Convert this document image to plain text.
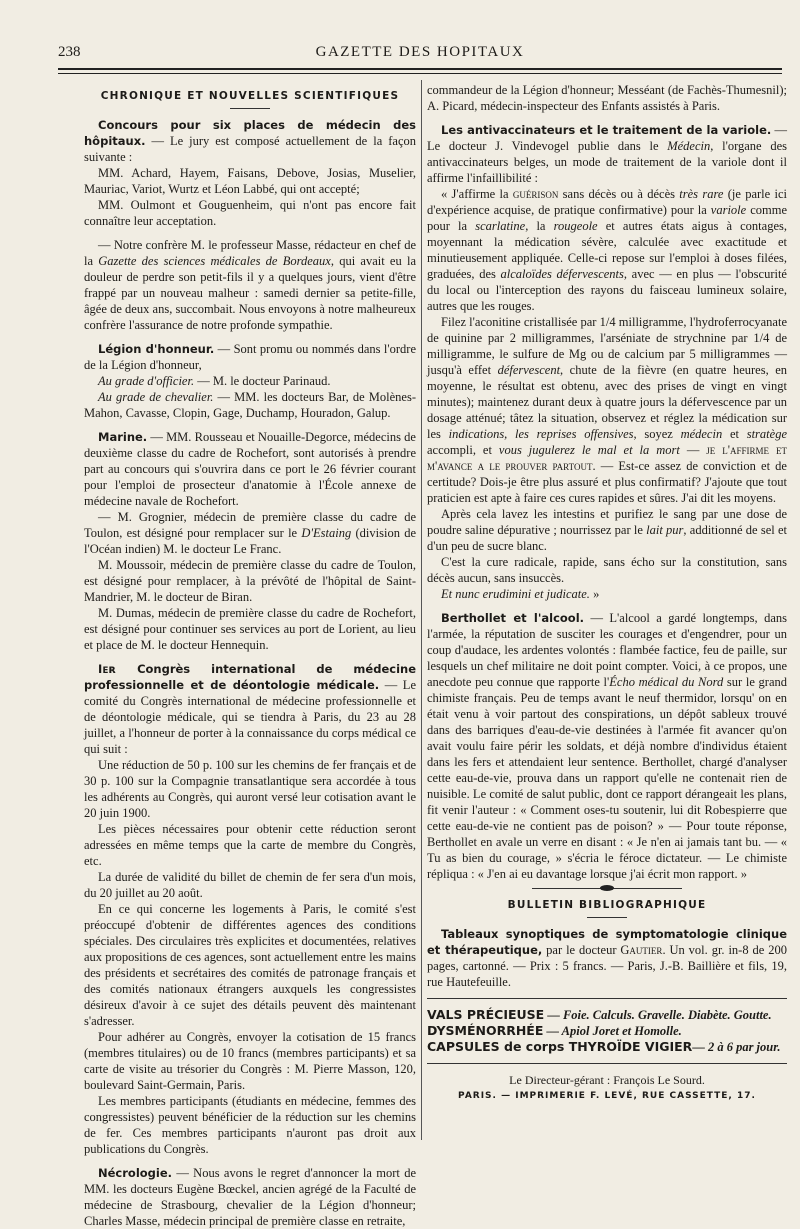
238	GAZETTE DES HOPITAUX
CHRONIQUE ET NOUVELLES SCIENTIFIQUES

Concours pour six places de médecin des hôpitaux. — Le jury est composé actuellement de la façon suivante :

MM. Achard, Hayem, Faisans, Debove, Josias, Muselier, Mauriac, Variot, Wurtz et Léon Labbé, qui ont accepté;

MM. Oulmont et Gouguenheim, qui n'ont pas encore fait connaître leur acceptation.

— Notre confrère M. le professeur Masse, rédacteur en chef de la Gazette des sciences médicales de Bordeaux, qui avait eu la douleur de perdre son petit-fils il y a quelques jours, vient d'être frappé par un nouveau malheur : samedi dernier sa petite-fille, âgée de deux ans, succombait. Nous envoyons à notre malheureux confrère l'assurance de notre profonde sympathie.

Légion d'honneur. — Sont promu ou nommés dans l'ordre de la Légion d'honneur,

Au grade d'officier. — M. le docteur Parinaud.

Au grade de chevalier. — MM. les docteurs Bar, de Molènes-Mahon, Cavasse, Clopin, Gage, Duchamp, Houradon, Galup.

Marine. — MM. Rousseau et Nouaille-Degorce, médecins de deuxième classe du cadre de Rochefort, sont autorisés à prendre part au concours qui s'ouvrira dans ce port le 26 février courant pour l'emploi de prosecteur d'anatomie à l'École annexe de médecine navale de Rochefort.

— M. Grognier, médecin de première classe du cadre de Toulon, est désigné pour remplacer sur le D'Estaing (division de l'Océan indien) M. le docteur Le Franc.

M. Moussoir, médecin de première classe du cadre de Toulon, est désigné pour remplacer, à la prévôté de l'hôpital de Saint-Mandrier, M. le docteur de Biran.

M. Dumas, médecin de première classe du cadre de Rochefort, est désigné pour continuer ses services au port de Lorient, au lieu et place de M. le docteur Hennequin.

Iᴇʀ Congrès international de médecine professionnelle et de déontologie médicale. — Le comité du Congrès international de médecine professionnelle et de déontologie médicale, qui se tiendra à Paris, du 23 au 28 juillet, a l'honneur de porter à la connaissance du corps médical ce qui suit :

Une réduction de 50 p. 100 sur les chemins de fer français et de 30 p. 100 sur la Compagnie transatlantique sera accordée à tous les adhérents au Congrès, qui auront versé leur cotisation avant le 20 juin 1900.

Les pièces nécessaires pour obtenir cette réduction seront adressées en même temps que la carte de membre du Congrès, etc.

La durée de validité du billet de chemin de fer sera d'un mois, du 20 juillet au 20 août.

En ce qui concerne les logements à Paris, le comité s'est préoccupé d'obtenir de différentes agences des conditions spéciales. Des circulaires très explicites et documentées, relatives aux propositions de ces agences, sont actuellement entre les mains des présidents et secrétaires des comités de patronage français et des comités nationaux étrangers auxquels les congressistes désireux d'avoir à ce sujet des détails peuvent dès maintenant s'adresser.

Pour adhérer au Congrès, envoyer la cotisation de 15 francs (membres titulaires) ou de 10 francs (membres participants) et sa carte de visite au trésorier du Congrès : M. Pierre Masson, 120, boulevard Saint-Germain, Paris.

Les membres participants (étudiants en médecine, femmes des congressistes) peuvent bénéficier de la réduction sur les chemins de fer. Ces membres participants n'auront pas droit aux publications du Congrès.

Nécrologie. — Nous avons le regret d'annoncer la mort de MM. les docteurs Eugène Bœckel, ancien agrégé de la Faculté de médecine de Strasbourg, chevalier de la Légion d'honneur; Charles Masse, médecin principal de première classe en retraite,

commandeur de la Légion d'honneur; Messéant (de Fachès-Thumesnil); A. Picard, médecin-inspecteur des Enfants assistés à Paris.

Les antivaccinateurs et le traitement de la variole. — Le docteur J. Vindevogel publie dans le Médecin, l'organe des antivaccinateurs belges, un mode de traitement de la variole dont il affirme l'infaillibilité :

« J'affirme la guérison sans décès ou à décès très rare (je parle ici d'expérience acquise, de pratique confirmative) pour la variole comme pour la scarlatine, la rougeole et autres états aigus à contages, moyennant la médication sévère, calculée avec exactitude et minutieusement appliquée. Celle-ci repose sur l'emploi à doses filées, graduées, des alcaloïdes défervescents, avec — en plus — l'obscurité du local ou l'interception des rayons du faisceau lumineux solaire, autres que les rouges.

Filez l'aconitine cristallisée par 1/4 milligramme, l'hydroferrocyanate de quinine par 2 milligrammes, l'arséniate de strychnine par 1/4 de milligramme, le sulfure de Mg ou de calcium par 5 milligrammes — jusqu'à effet défervescent, chute de la fièvre (en quatre heures, en moyenne, le résultat est obtenu, avec des prises de vingt en vingt minutes); maintenez durant deux à quatre jours la défervescence par un dosage atténué; tâtez la situation, observez et réglez la médication sur les indications, les reprises offensives, soyez médecin et stratège accompli, et vous jugulerez le mal et la mort — je l'affirme et m'avance a le prouver partout. — Est-ce assez de conviction et de certitude? Dois-je être plus assuré et plus confirmatif? J'ajoute que tout praticien est apte à faire ces cures rapides et sûres. J'ai dit les moyens.

Après cela lavez les intestins et purifiez le sang par une dose de poudre saline dépurative ; nourrissez par le lait pur, additionné de sel et d'un peu de sucre blanc.

C'est la cure radicale, rapide, sans écho sur la constitution, sans décès aucun, sans insuccès.

Et nunc erudimini et judicate. »

Berthollet et l'alcool. — L'alcool a gardé longtemps, dans l'armée, la réputation de susciter les courages et d'engendrer, pour un coup d'audace, les ardentes volontés : flambée factice, feu de paille, sur lesquels un chef militaire ne doit point compter. Voici, à ce propos, une anecdote peu connue que rapporte l'Écho médical du Nord sur le grand chimiste français. Peu de temps avant le neuf thermidor, lorsqu' on en était venu à voir partout des conspirations, un dépôt sableux trouvé dans des barriques d'eau-de-vie destinées à l'armée fit avancer qu'on avait voulu faire périr les soldats, et déjà nombre d'individus étaient dans les fers et attendaient leur sentence. Berthollet, chargé d'analyser cette eau-de-vie, prouva dans un rapport qu'elle ne contenait rien de nuisible. Le comité de salut public, dont ce rapport dérangeait les plans, fit venir l'auteur : « Comment oses-tu soutenir, lui dit Robespierre que cette eau-de-vie ne contient pas de poison? » — Pour toute réponse, Berthollet en avale un verre en disant : « Je n'en ai jamais tant bu. — « Tu as bien du courage, » s'écria le féroce dictateur. — Le chimiste répliqua : « J'en ai eu davantage lorsque j'ai écrit mon rapport. »

BULLETIN BIBLIOGRAPHIQUE

Tableaux synoptiques de symptomatologie clinique et thérapeutique, par le docteur Gautier. Un vol. gr. in-8 de 200 pages, cartonné. — Prix : 5 francs. — Paris, J.-B. Baillière et fils, 19, rue Hautefeuille.

VALS PRÉCIEUSE — Foie. Calculs. Gravelle. Diabète. Goutte.

DYSMÉNORRHÉE — Apiol Joret et Homolle.

CAPSULES de corps THYROÏDE VIGIER— 2 à 6 par jour.

Le Directeur-gérant : François Le Sourd.
PARIS. — IMPRIMERIE F. LEVÉ, RUE CASSETTE, 17.
